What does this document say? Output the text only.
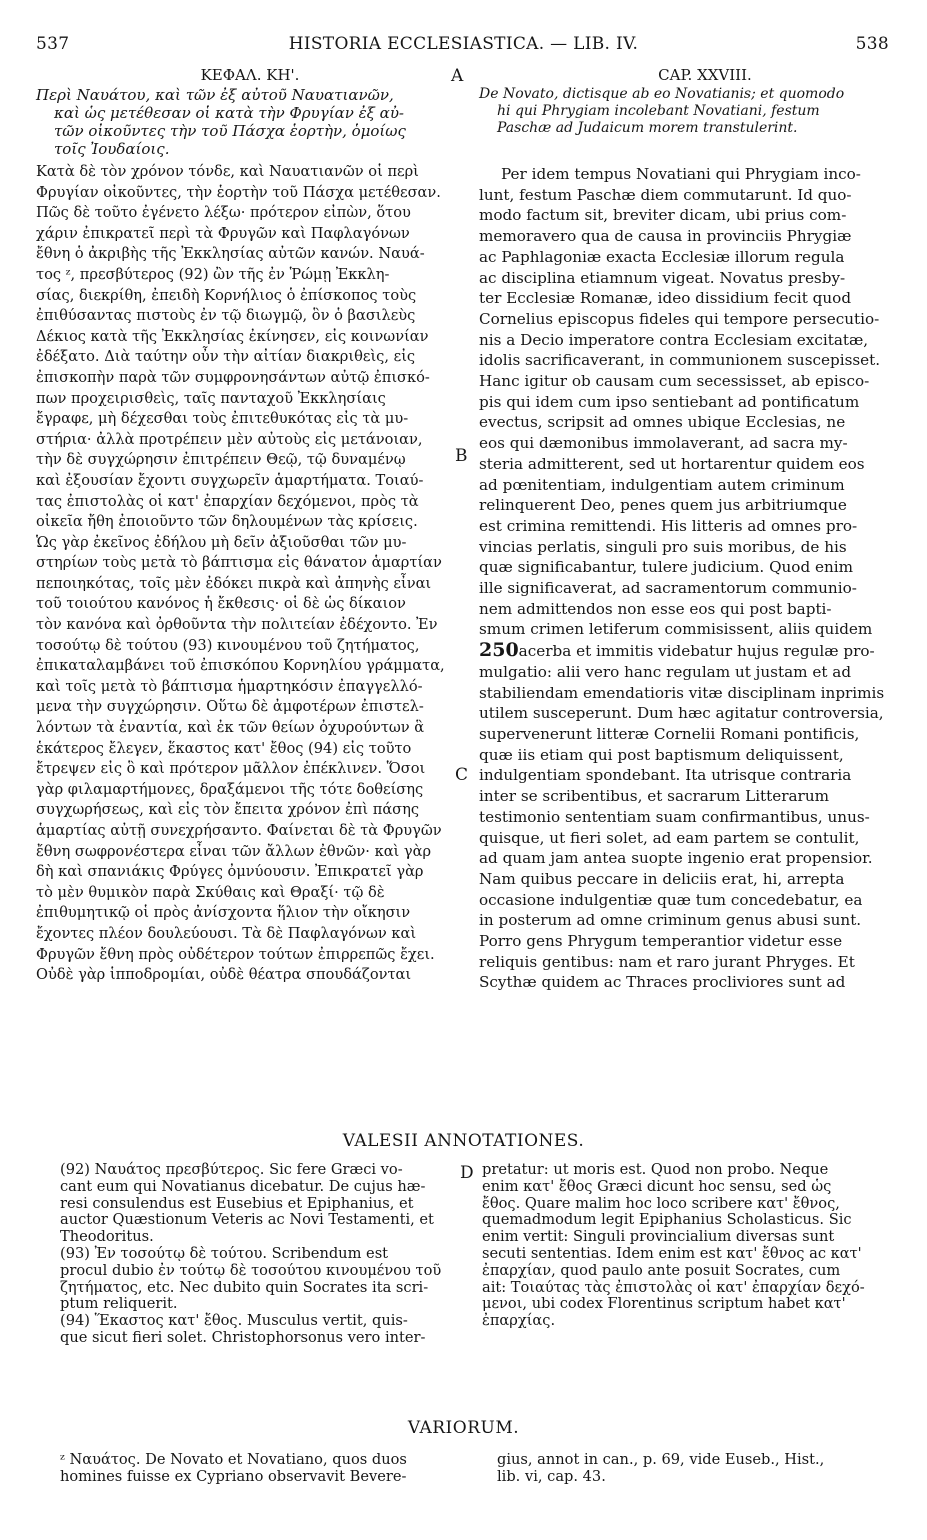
537	HISTORIA ECCLESIASTICA. — LIB. IV.	538
A
B
C
D
ΚΕΦΑΛ. ΚΗ'.
Περὶ Ναυάτου, καὶ τῶν ἐξ αὐτοῦ Ναυατιανῶν,
καὶ ὡς μετέθεσαν οἱ κατὰ τὴν Φρυγίαν ἐξ αὐ-
τῶν οἰκοῦντες τὴν τοῦ Πάσχα ἑορτὴν, ὁμοίως
τοῖς Ἰουδαίοις.
Κατὰ δὲ τὸν χρόνον τόνδε, καὶ Ναυατιανῶν οἱ περὶ
Φρυγίαν οἰκοῦντες, τὴν ἑορτὴν τοῦ Πάσχα μετέθεσαν.
Πῶς δὲ τοῦτο ἐγένετο λέξω· πρότερον εἰπὼν, ὅτου
χάριν ἐπικρατεῖ περὶ τὰ Φρυγῶν καὶ Παφλαγόνων
ἔθνη ὁ ἀκριβὴς τῆς Ἐκκλησίας αὐτῶν κανών. Ναυά-
τος ᶻ, πρεσβύτερος (92) ὢν τῆς ἐν Ῥώμῃ Ἐκκλη-
σίας, διεκρίθη, ἐπειδὴ Κορνήλιος ὁ ἐπίσκοπος τοὺς
ἐπιθύσαντας πιστοὺς ἐν τῷ διωγμῷ, ὃν ὁ βασιλεὺς
Δέκιος κατὰ τῆς Ἐκκλησίας ἐκίνησεν, εἰς κοινωνίαν
ἐδέξατο. Διὰ ταύτην οὖν τὴν αἰτίαν διακριθεὶς, εἰς
ἐπισκοπὴν παρὰ τῶν συμφρονησάντων αὐτῷ ἐπισκό-
πων προχειρισθεὶς, ταῖς πανταχοῦ Ἐκκλησίαις
ἔγραφε, μὴ δέχεσθαι τοὺς ἐπιτεθυκότας εἰς τὰ μυ-
στήρια· ἀλλὰ προτρέπειν μὲν αὐτοὺς εἰς μετάνοιαν,
τὴν δὲ συγχώρησιν ἐπιτρέπειν Θεῷ, τῷ δυναμένῳ
καὶ ἐξουσίαν ἔχοντι συγχωρεῖν ἁμαρτήματα. Τοιαύ-
τας ἐπιστολὰς οἱ κατ' ἐπαρχίαν δεχόμενοι, πρὸς τὰ
οἰκεῖα ἤθη ἐποιοῦντο τῶν δηλουμένων τὰς κρίσεις.
Ὡς γὰρ ἐκεῖνος ἐδήλου μὴ δεῖν ἀξιοῦσθαι τῶν μυ-
στηρίων τοὺς μετὰ τὸ βάπτισμα εἰς θάνατον ἁμαρτίαν
πεποιηκότας, τοῖς μὲν ἐδόκει πικρὰ καὶ ἀπηνὴς εἶναι
τοῦ τοιούτου κανόνος ἡ ἔκθεσις· οἱ δὲ ὡς δίκαιον
τὸν κανόνα καὶ ὀρθοῦντα τὴν πολιτείαν ἐδέχοντο. Ἐν
τοσούτῳ δὲ τούτου (93) κινουμένου τοῦ ζητήματος,
ἐπικαταλαμβάνει τοῦ ἐπισκόπου Κορνηλίου γράμματα,
καὶ τοῖς μετὰ τὸ βάπτισμα ἡμαρτηκόσιν ἐπαγγελλό-
μενα τὴν συγχώρησιν. Οὕτω δὲ ἀμφοτέρων ἐπιστελ-
λόντων τὰ ἐναντία, καὶ ἐκ τῶν θείων ὀχυρούντων ἃ
ἑκάτερος ἔλεγεν, ἕκαστος κατ' ἔθος (94) εἰς τοῦτο
ἔτρεψεν εἰς ὃ καὶ πρότερον μᾶλλον ἐπέκλινεν. Ὅσοι
γὰρ φιλαμαρτήμονες, δραξάμενοι τῆς τότε δοθείσης
συγχωρήσεως, καὶ εἰς τὸν ἔπειτα χρόνον ἐπὶ πάσης
ἁμαρτίας αὐτῇ συνεχρήσαντο. Φαίνεται δὲ τὰ Φρυγῶν
ἔθνη σωφρονέστερα εἶναι τῶν ἄλλων ἐθνῶν· καὶ γὰρ
δὴ καὶ σπανιάκις Φρύγες ὀμνύουσιν. Ἐπικρατεῖ γὰρ
τὸ μὲν θυμικὸν παρὰ Σκύθαις καὶ Θραξί· τῷ δὲ
ἐπιθυμητικῷ οἱ πρὸς ἀνίσχοντα ἥλιον τὴν οἴκησιν
ἔχοντες πλέον δουλεύουσι. Τὰ δὲ Παφλαγόνων καὶ
Φρυγῶν ἔθνη πρὸς οὐδέτερον τούτων ἐπιρρεπῶς ἔχει.
Οὐδὲ γὰρ ἱπποδρομίαι, οὐδὲ θέατρα σπουδάζονται
CAP. XXVIII.
De Novato, dictisque ab eo Novatianis; et quomodo
hi qui Phrygiam incolebant Novatiani, festum
Paschæ ad Judaicum morem transtulerint.
Per idem tempus Novatiani qui Phrygiam inco-
lunt, festum Paschæ diem commutarunt. Id quo-
modo factum sit, breviter dicam, ubi prius com-
memoravero qua de causa in provinciis Phrygiæ
ac Paphlagoniæ exacta Ecclesiæ illorum regula
ac disciplina etiamnum vigeat. Novatus presby-
ter Ecclesiæ Romanæ, ideo dissidium fecit quod
Cornelius episcopus fideles qui tempore persecutio-
nis a Decio imperatore contra Ecclesiam excitatæ,
idolis sacrificaverant, in communionem suscepisset.
Hanc igitur ob causam cum secessisset, ab episco-
pis qui idem cum ipso sentiebant ad pontificatum
evectus, scripsit ad omnes ubique Ecclesias, ne
eos qui dæmonibus immolaverant, ad sacra my-
steria admitterent, sed ut hortarentur quidem eos
ad pœnitentiam, indulgentiam autem criminum
relinquerent Deo, penes quem jus arbitriumque
est crimina remittendi. His litteris ad omnes pro-
vincias perlatis, singuli pro suis moribus, de his
quæ significabantur, tulere judicium. Quod enim
ille significaverat, ad sacramentorum communio-
nem admittendos non esse eos qui post bapti-
smum crimen letiferum commisissent, aliis quidem
250acerba et immitis videbatur hujus regulæ pro-
mulgatio: alii vero hanc regulam ut justam et ad
stabiliendam emendatioris vitæ disciplinam inprimis
utilem susceperunt. Dum hæc agitatur controversia,
supervenerunt litteræ Cornelii Romani pontificis,
quæ iis etiam qui post baptismum deliquissent,
indulgentiam spondebant. Ita utrisque contraria
inter se scribentibus, et sacrarum Litterarum
testimonio sententiam suam confirmantibus, unus-
quisque, ut fieri solet, ad eam partem se contulit,
ad quam jam antea suopte ingenio erat propensior.
Nam quibus peccare in deliciis erat, hi, arrepta
occasione indulgentiæ quæ tum concedebatur, ea
in posterum ad omne criminum genus abusi sunt.
Porro gens Phrygum temperantior videtur esse
reliquis gentibus: nam et raro jurant Phryges. Et
Scythæ quidem ac Thraces procliviores sunt ad
VALESII ANNOTATIONES.
(92) Ναυάτος πρεσβύτερος. Sic fere Græci vo-
cant eum qui Novatianus dicebatur. De cujus hæ-
resi consulendus est Eusebius et Epiphanius, et
auctor Quæstionum Veteris ac Novi Testamenti, et
Theodoritus.
(93) Ἐν τοσούτῳ δὲ τούτου. Scribendum est
procul dubio ἐν τούτῳ δὲ τοσούτου κινουμένου τοῦ
ζητήματος, etc. Nec dubito quin Socrates ita scri-
ptum reliquerit.
(94) Ἕκαστος κατ' ἔθος. Musculus vertit, quis-
que sicut fieri solet. Christophorsonus vero inter-
pretatur: ut moris est. Quod non probo. Neque
enim κατ' ἔθος Græci dicunt hoc sensu, sed ὡς
ἔθος. Quare malim hoc loco scribere κατ' ἔθνος,
quemadmodum legit Epiphanius Scholasticus. Sic
enim vertit: Singuli provincialium diversas sunt
secuti sententias. Idem enim est κατ' ἔθνος ac κατ'
ἐπαρχίαν, quod paulo ante posuit Socrates, cum
ait: Τοιαύτας τὰς ἐπιστολὰς οἱ κατ' ἐπαρχίαν δεχό-
μενοι, ubi codex Florentinus scriptum habet κατ'
ἐπαρχίας.
VARIORUM.
ᶻ Ναυάτος. De Novato et Novatiano, quos duos
homines fuisse ex Cypriano observavit Bevere-
gius, annot in can., p. 69, vide Euseb., Hist.,
lib. vi, cap. 43.
